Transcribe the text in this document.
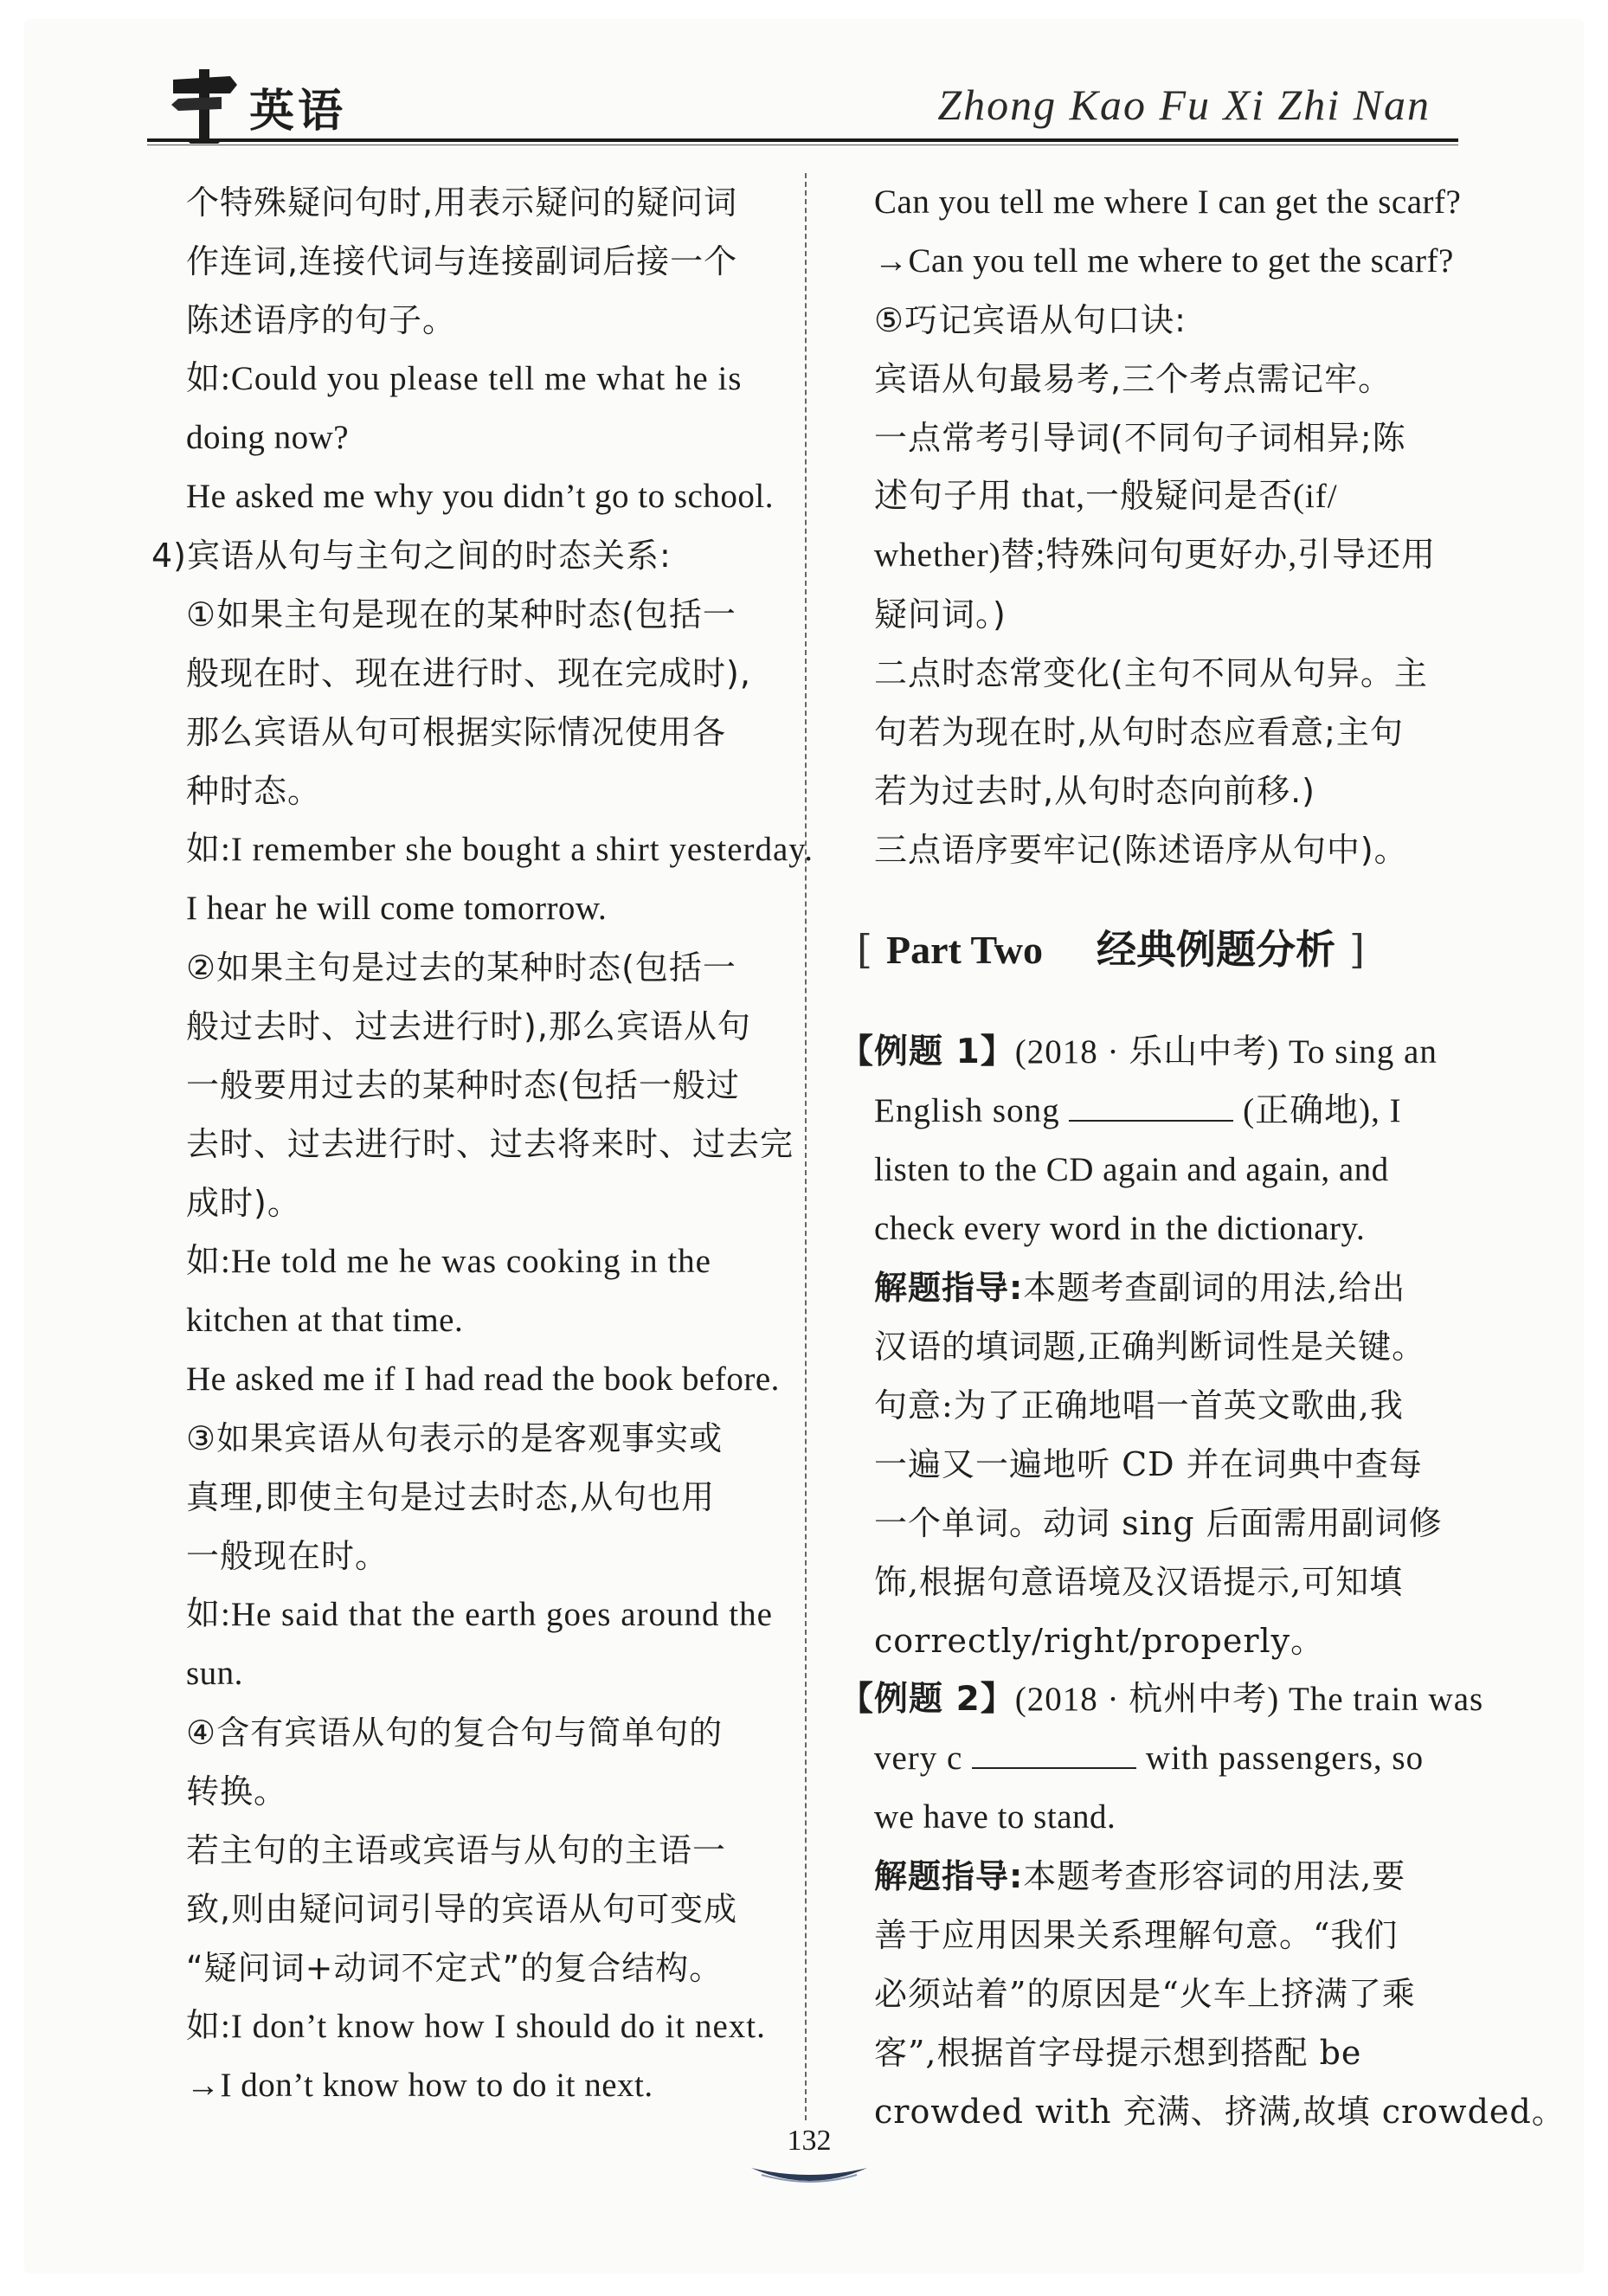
英语	Zhong Kao Fu Xi Zhi Nan
个特殊疑问句时,用表示疑问的疑问词
作连词,连接代词与连接副词后接一个
陈述语序的句子。
如:Could you please tell me what he is
doing now?
He asked me why you didn’t go to school.
4)宾语从句与主句之间的时态关系:
①如果主句是现在的某种时态(包括一
般现在时、现在进行时、现在完成时),
那么宾语从句可根据实际情况使用各
种时态。
如:I remember she bought a shirt yesterday.
I hear he will come tomorrow.
②如果主句是过去的某种时态(包括一
般过去时、过去进行时),那么宾语从句
一般要用过去的某种时态(包括一般过
去时、过去进行时、过去将来时、过去完
成时)。
如:He told me he was cooking in the
kitchen at that time.
He asked me if I had read the book before.
③如果宾语从句表示的是客观事实或
真理,即使主句是过去时态,从句也用
一般现在时。
如:He said that the earth goes around the
sun.
④含有宾语从句的复合句与简单句的
转换。
若主句的主语或宾语与从句的主语一
致,则由疑问词引导的宾语从句可变成
“疑问词+动词不定式”的复合结构。
如:I don’t know how I should do it next.
→I don’t know how to do it next.
Can you tell me where I can get the scarf?
→Can you tell me where to get the scarf?
⑤巧记宾语从句口诀:
宾语从句最易考,三个考点需记牢。
一点常考引导词(不同句子词相异;陈
述句子用 that,一般疑问是否(if/
whether)替;特殊问句更好办,引导还用
疑问词。)
二点时态常变化(主句不同从句异。主
句若为现在时,从句时态应看意;主句
若为过去时,从句时态向前移.)
三点语序要牢记(陈述语序从句中)。
[ Part Two 经典例题分析 ]
【例题 1】(2018 · 乐山中考) To sing an
English song	(正确地), I
listen to the CD again and again, and
check every word in the dictionary.
解题指导:本题考查副词的用法,给出
汉语的填词题,正确判断词性是关键。
句意:为了正确地唱一首英文歌曲,我
一遍又一遍地听 CD 并在词典中查每
一个单词。动词 sing 后面需用副词修
饰,根据句意语境及汉语提示,可知填
correctly/right/properly。
【例题 2】(2018 · 杭州中考) The train was
very c	with passengers, so
we have to stand.
解题指导:本题考查形容词的用法,要
善于应用因果关系理解句意。“我们
必须站着”的原因是“火车上挤满了乘
客”,根据首字母提示想到搭配 be
crowded with 充满、挤满,故填 crowded。
132
